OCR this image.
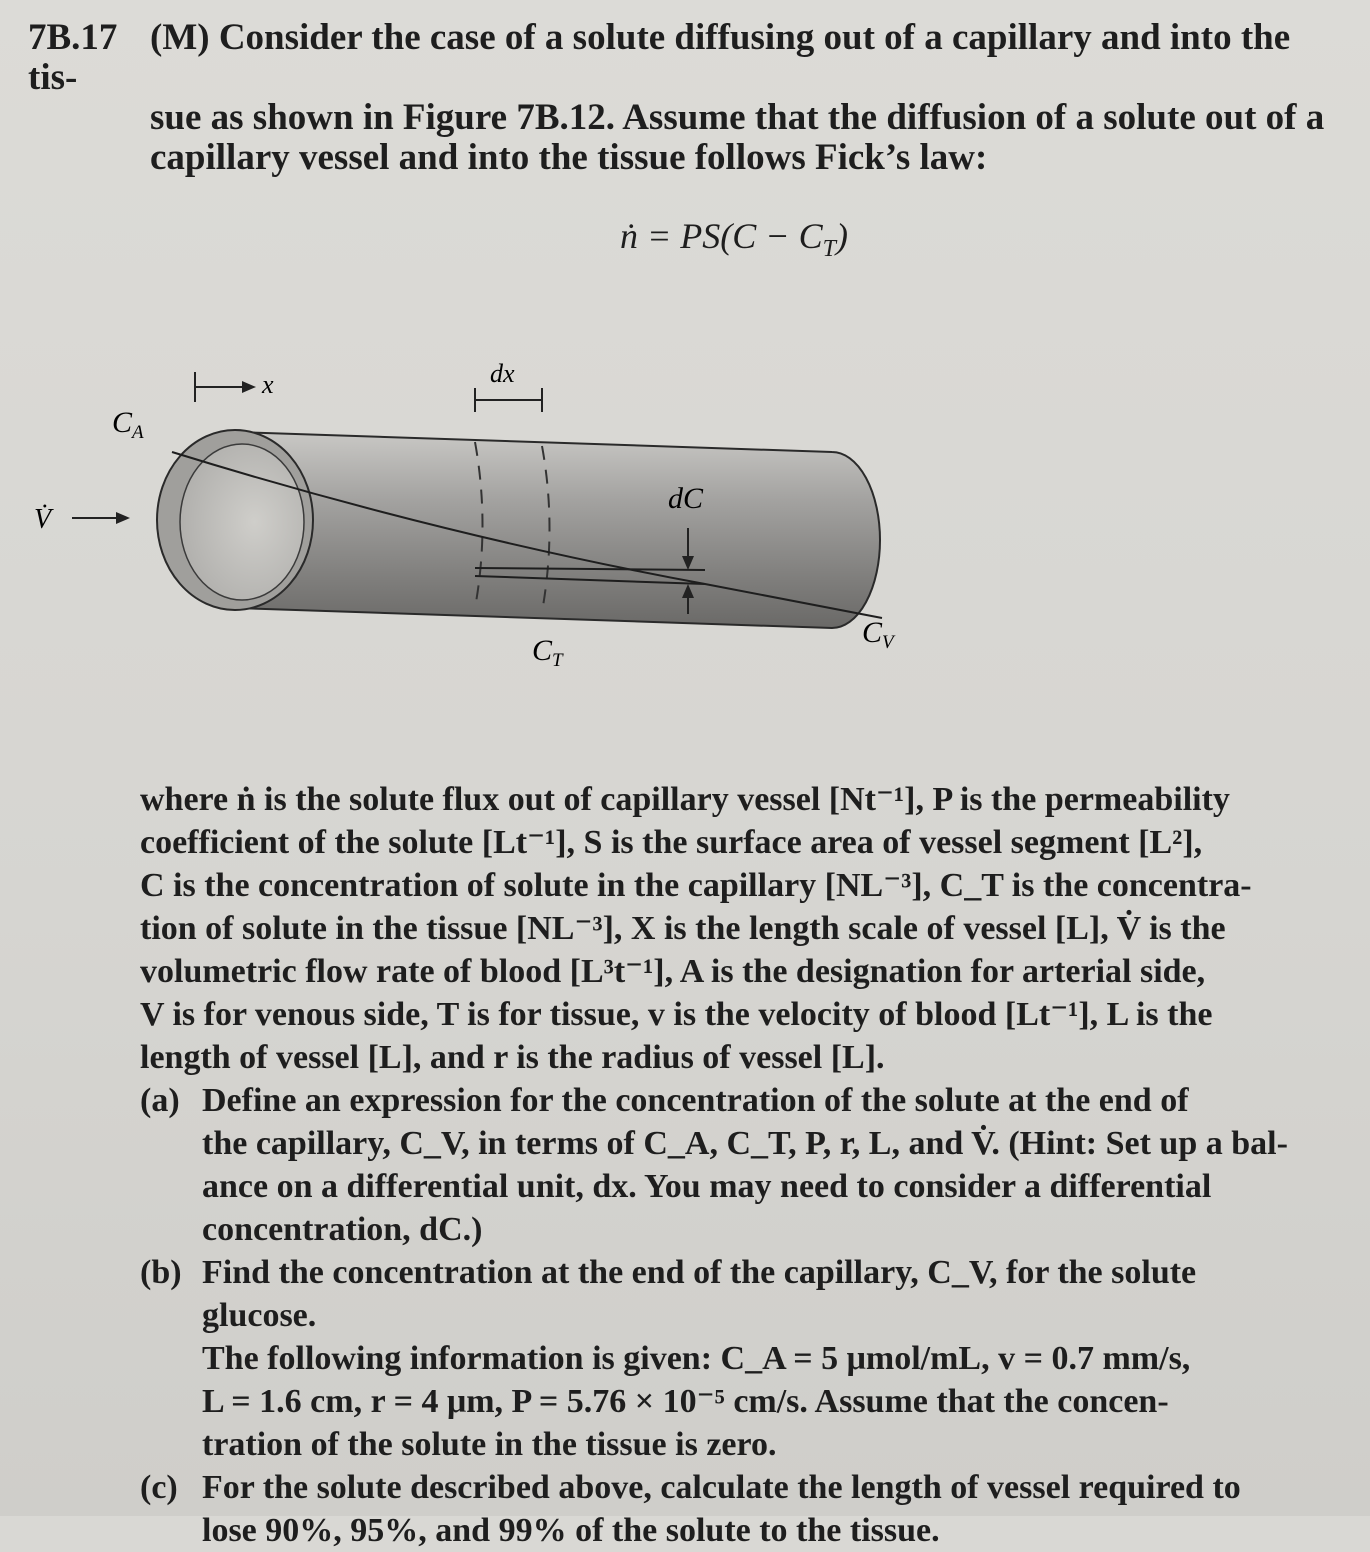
7B.17 (M) Consider the case of a solute diffusing out of a capillary and into the tis-
sue as shown in Figure 7B.12. Assume that the diffusion of a solute out of a
capillary vessel and into the tissue follows Fick’s law:
ṅ = $PS(C - C_T)$
x	dx
$C_A$
V̇
dC
$C_T$
$C_V$

where ṅ is the solute flux out of capillary vessel [Nt⁻¹], P is the permeability
coefficient of the solute [Lt⁻¹], S is the surface area of vessel segment [L²],
C is the concentration of solute in the capillary [NL⁻³], C_T is the concentra-
tion of solute in the tissue [NL⁻³], X is the length scale of vessel [L], V̇ is the
volumetric flow rate of blood [L³t⁻¹], A is the designation for arterial side,
V is for venous side, T is for tissue, v is the velocity of blood [Lt⁻¹], L is the
length of vessel [L], and r is the radius of vessel [L].

(a) Define an expression for the concentration of the solute at the end of
the capillary, C_V, in terms of C_A, C_T, P, r, L, and V̇. (Hint: Set up a bal-
ance on a differential unit, dx. You may need to consider a differential
concentration, dC.)
(b) Find the concentration at the end of the capillary, C_V, for the solute glucose.
The following information is given: C_A = 5 μmol/mL, v = 0.7 mm/s,
L = 1.6 cm, r = 4 μm, P = 5.76 × 10⁻⁵ cm/s. Assume that the concen-
tration of the solute in the tissue is zero.
(c) For the solute described above, calculate the length of vessel required to
lose 90%, 95%, and 99% of the solute to the tissue.
